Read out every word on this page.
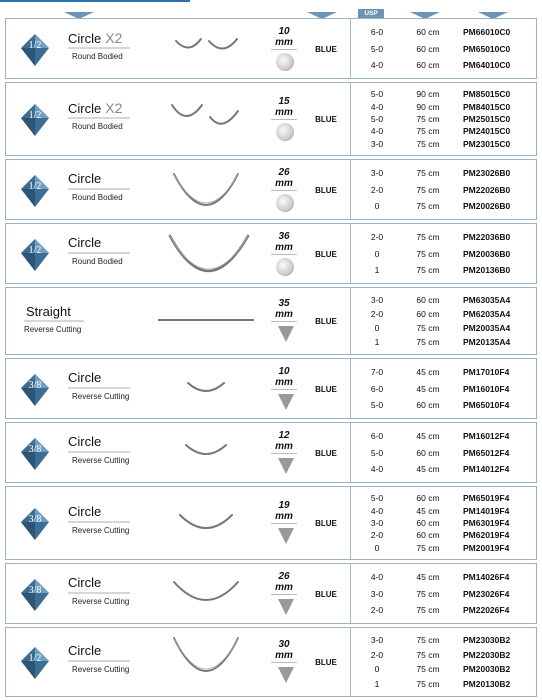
USP
1/2	Circle X2
Round Bodied
10
mm
BLUE
6-0	60 cm	PM66010C0
5-0	60 cm	PM65010C0
4-0	60 cm	PM64010C0
1/2	Circle X2
Round Bodied
15
mm
BLUE
5-0	90 cm	PM85015C0
4-0	90 cm	PM84015C0
5-0	75 cm	PM25015C0
4-0	75 cm	PM24015C0
3-0	75 cm	PM23015C0
1/2
Circle
Round Bodied
26
mm
BLUE
3-0	75 cm	PM23026B0
2-0	75 cm	PM22026B0
0	75 cm	PM20026B0
1/2
Circle
Round Bodied
36
mm
BLUE
2-0	75 cm	PM22036B0
0	75 cm	PM20036B0
1	75 cm	PM20136B0
Straight
Reverse Cutting
35
mm
BLUE
3-0	60 cm	PM63035A4
2-0	60 cm	PM62035A4
0	75 cm	PM20035A4
1	75 cm	PM20135A4
3/8
Circle
Reverse Cutting
10
mm
BLUE
7-0	45 cm	PM17010F4
6-0	45 cm	PM16010F4
5-0	60 cm	PM65010F4
3/8
Circle
Reverse Cutting
12
mm
BLUE
6-0	45 cm	PM16012F4
5-0	60 cm	PM65012F4
4-0	45 cm	PM14012F4
3/8
Circle
Reverse Cutting
19
mm
BLUE
5-0	60 cm	PM65019F4
4-0	45 cm	PM14019F4
3-0	60 cm	PM63019F4
2-0	60 cm	PM62019F4
0	75 cm	PM20019F4
3/8
Circle
Reverse Cutting
26
mm
BLUE
4-0	45 cm	PM14026F4
3-0	75 cm	PM23026F4
2-0	75 cm	PM22026F4
1/2
Circle
Reverse Cutting
30
mm
BLUE
3-0	75 cm	PM23030B2
2-0	75 cm	PM22030B2
0	75 cm	PM20030B2
1	75 cm	PM20130B2
